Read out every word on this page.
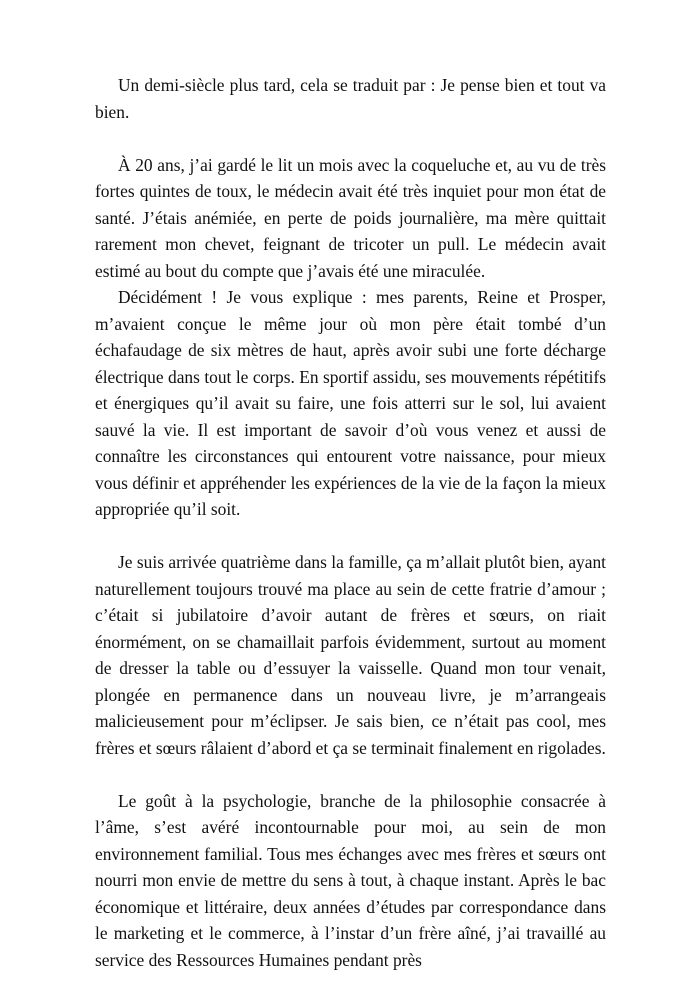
Un demi-siècle plus tard, cela se traduit par : Je pense bien et tout va bien.

À 20 ans, j’ai gardé le lit un mois avec la coqueluche et, au vu de très fortes quintes de toux, le médecin avait été très inquiet pour mon état de santé. J’étais anémiée, en perte de poids journalière, ma mère quittait rarement mon chevet, feignant de tricoter un pull. Le médecin avait estimé au bout du compte que j’avais été une miraculée.

Décidément ! Je vous explique : mes parents, Reine et Prosper, m’avaient conçue le même jour où mon père était tombé d’un échafaudage de six mètres de haut, après avoir subi une forte décharge électrique dans tout le corps. En sportif assidu, ses mouvements répétitifs et énergiques qu’il avait su faire, une fois atterri sur le sol, lui avaient sauvé la vie. Il est important de savoir d’où vous venez et aussi de connaître les circonstances qui entourent votre naissance, pour mieux vous définir et appréhender les expériences de la vie de la façon la mieux appropriée qu’il soit.

Je suis arrivée quatrième dans la famille, ça m’allait plutôt bien, ayant naturellement toujours trouvé ma place au sein de cette fratrie d’amour ; c’était si jubilatoire d’avoir autant de frères et sœurs, on riait énormément, on se chamaillait parfois évidemment, surtout au moment de dresser la table ou d’essuyer la vaisselle. Quand mon tour venait, plongée en permanence dans un nouveau livre, je m’arrangeais malicieusement pour m’éclipser. Je sais bien, ce n’était pas cool, mes frères et sœurs râlaient d’abord et ça se terminait finalement en rigolades.

Le goût à la psychologie, branche de la philosophie consacrée à l’âme, s’est avéré incontournable pour moi, au sein de mon environnement familial. Tous mes échanges avec mes frères et sœurs ont nourri mon envie de mettre du sens à tout, à chaque instant. Après le bac économique et littéraire, deux années d’études par correspondance dans le marketing et le commerce, à l’instar d’un frère aîné, j’ai travaillé au service des Ressources Humaines pendant près
